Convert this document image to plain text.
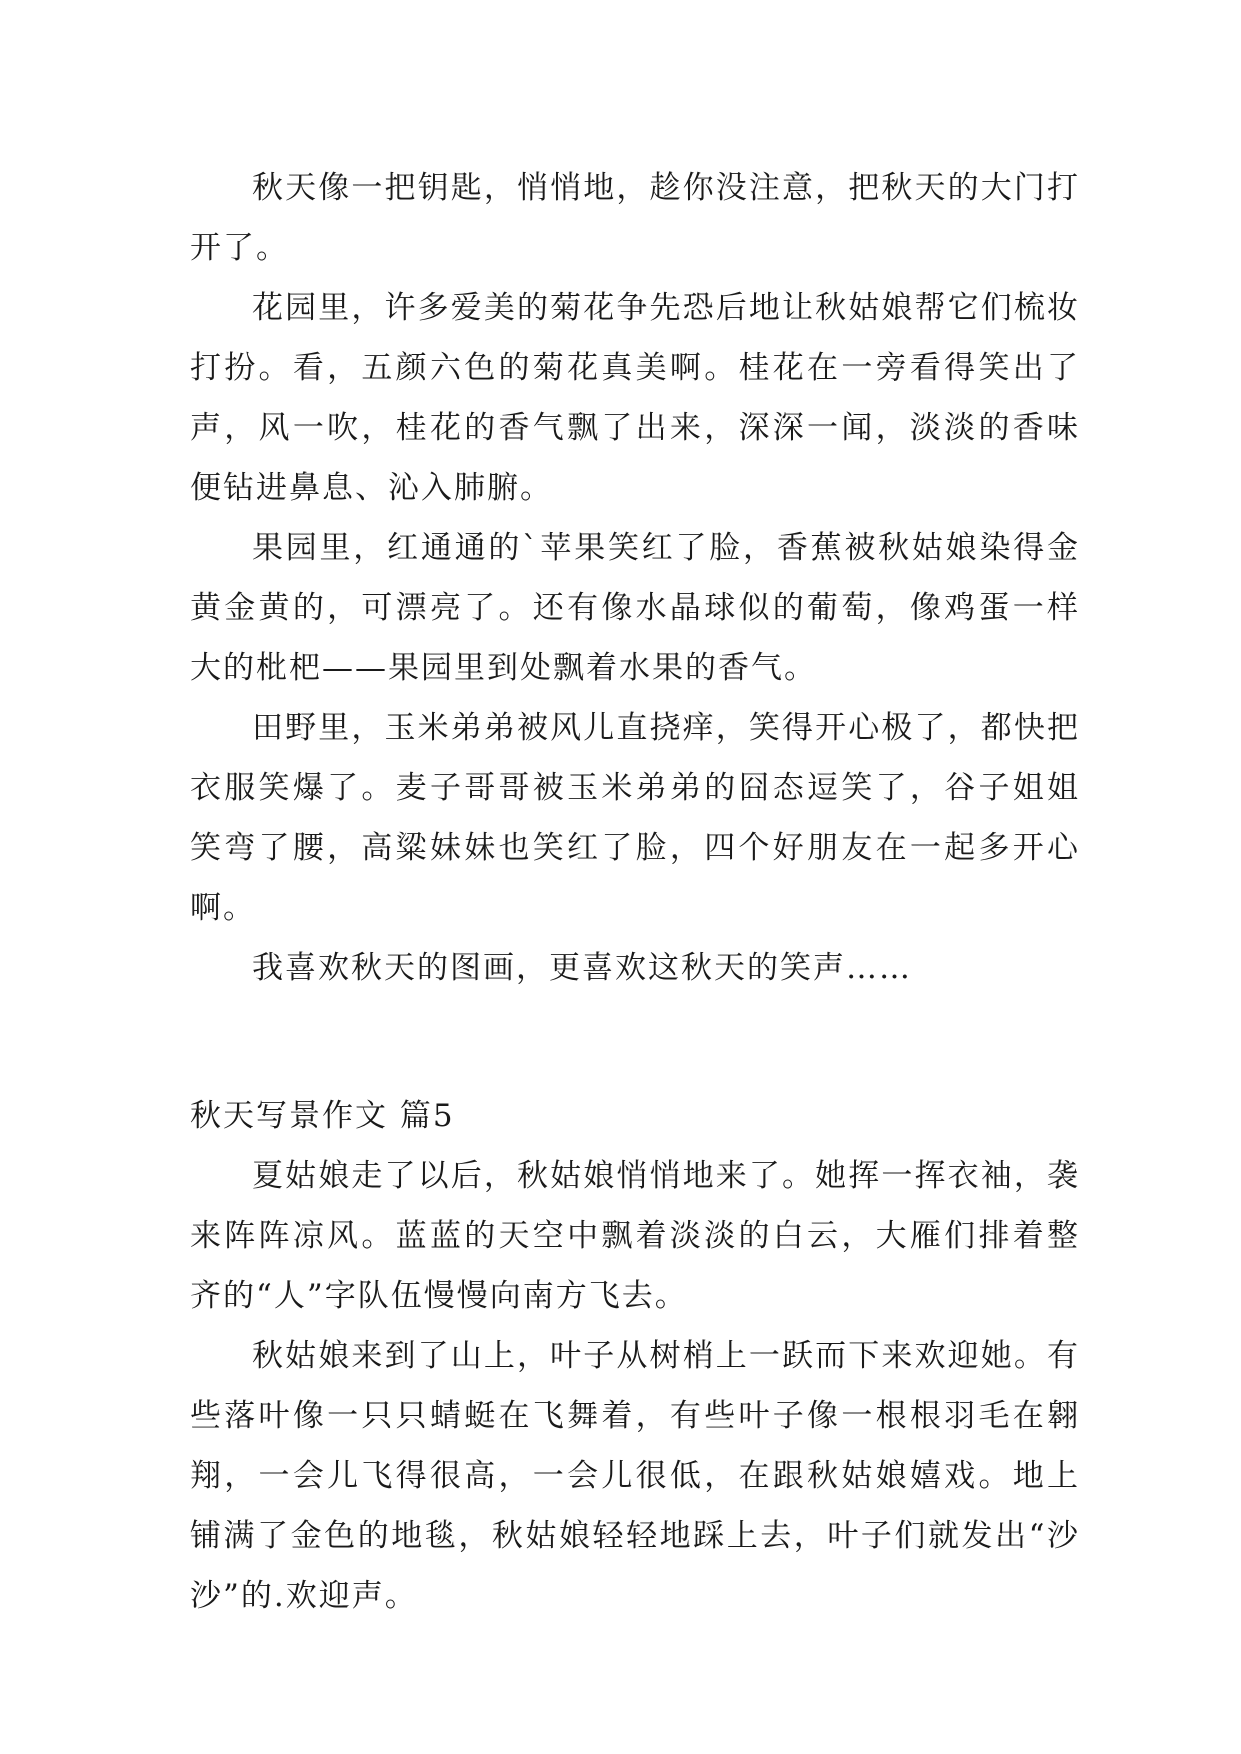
秋天像一把钥匙，悄悄地，趁你没注意，把秋天的大门打开了。

花园里，许多爱美的菊花争先恐后地让秋姑娘帮它们梳妆打扮。看，五颜六色的菊花真美啊。桂花在一旁看得笑出了声，风一吹，桂花的香气飘了出来，深深一闻，淡淡的香味便钻进鼻息、沁入肺腑。

果园里，红通通的`苹果笑红了脸，香蕉被秋姑娘染得金黄金黄的，可漂亮了。还有像水晶球似的葡萄，像鸡蛋一样大的枇杷——果园里到处飘着水果的香气。

田野里，玉米弟弟被风儿直挠痒，笑得开心极了，都快把衣服笑爆了。麦子哥哥被玉米弟弟的囧态逗笑了，谷子姐姐笑弯了腰，高粱妹妹也笑红了脸，四个好朋友在一起多开心啊。

我喜欢秋天的图画，更喜欢这秋天的笑声……

秋天写景作文 篇5

夏姑娘走了以后，秋姑娘悄悄地来了。她挥一挥衣袖，袭来阵阵凉风。蓝蓝的天空中飘着淡淡的白云，大雁们排着整齐的“人”字队伍慢慢向南方飞去。

秋姑娘来到了山上，叶子从树梢上一跃而下来欢迎她。有些落叶像一只只蜻蜓在飞舞着，有些叶子像一根根羽毛在翱翔，一会儿飞得很高，一会儿很低，在跟秋姑娘嬉戏。地上铺满了金色的地毯，秋姑娘轻轻地踩上去，叶子们就发出“沙沙”的.欢迎声。
